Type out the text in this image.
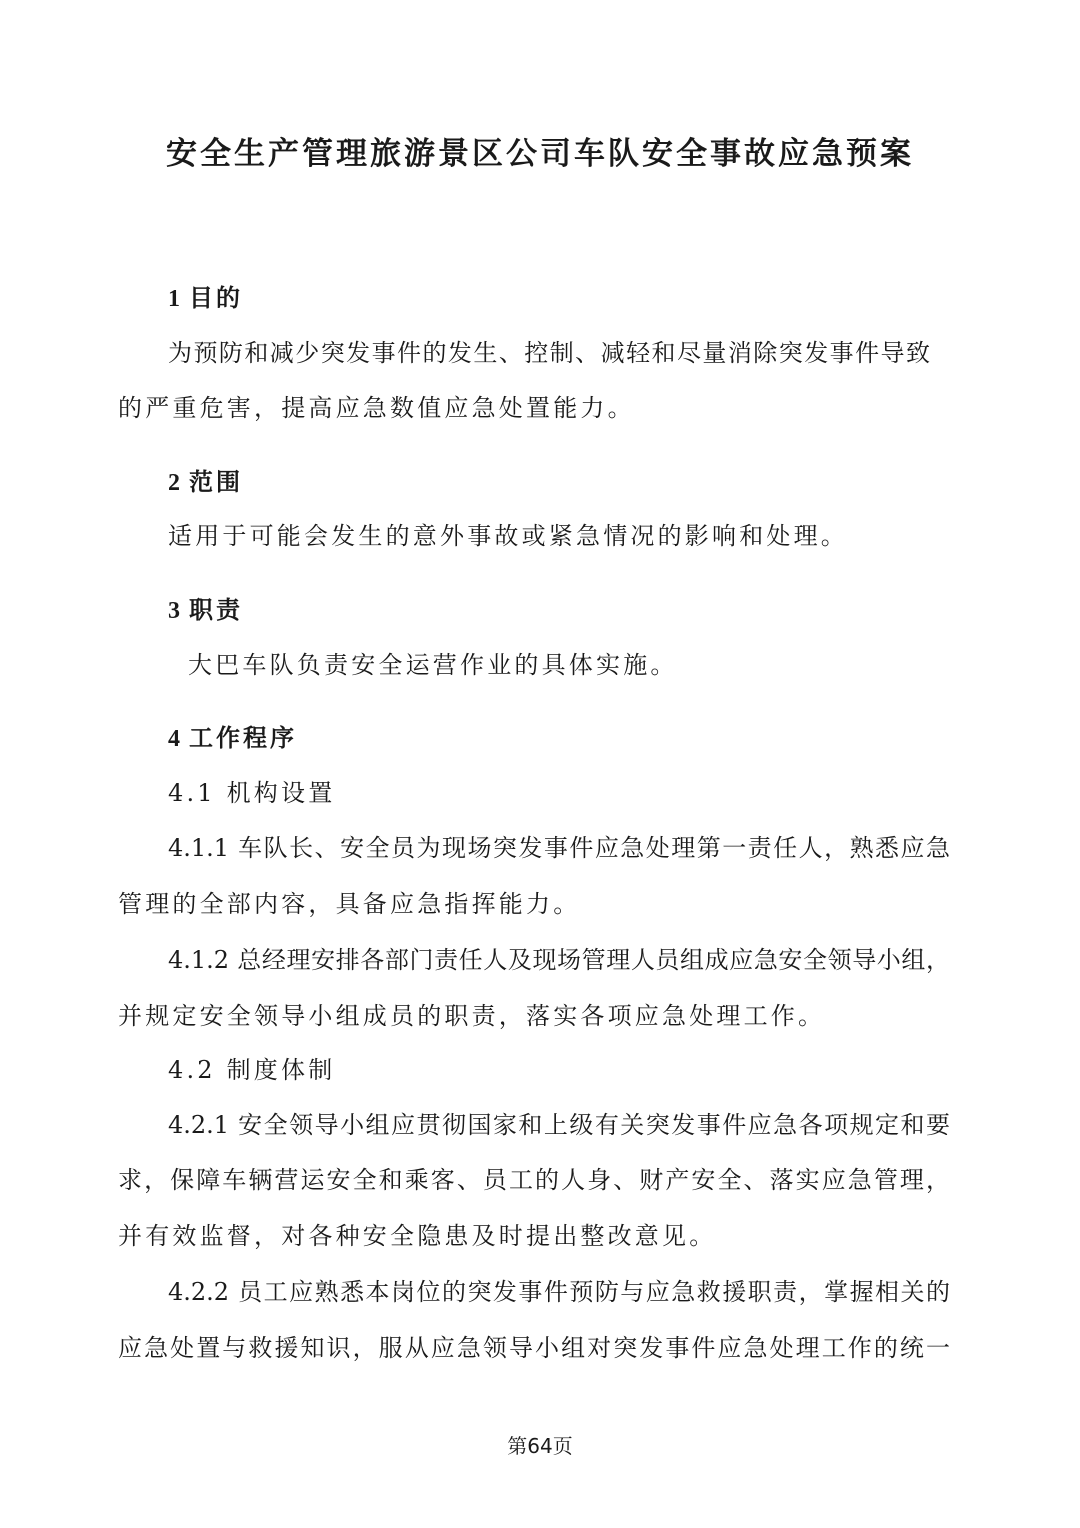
安全生产管理旅游景区公司车队安全事故应急预案
1 目的
为预防和减少突发事件的发生、控制、减轻和尽量消除突发事件导致
的严重危害，提高应急数值应急处置能力。
2 范围
适用于可能会发生的意外事故或紧急情况的影响和处理。
3 职责
大巴车队负责安全运营作业的具体实施。
4 工作程序
4.1 机构设置
4.1.1 车队长、安全员为现场突发事件应急处理第一责任人，熟悉应急
管理的全部内容，具备应急指挥能力。
4.1.2 总经理安排各部门责任人及现场管理人员组成应急安全领导小组，
并规定安全领导小组成员的职责，落实各项应急处理工作。
4.2 制度体制
4.2.1 安全领导小组应贯彻国家和上级有关突发事件应急各项规定和要
求，保障车辆营运安全和乘客、员工的人身、财产安全、落实应急管理，
并有效监督，对各种安全隐患及时提出整改意见。
4.2.2 员工应熟悉本岗位的突发事件预防与应急救援职责，掌握相关的
应急处置与救援知识，服从应急领导小组对突发事件应急处理工作的统一
第64页
